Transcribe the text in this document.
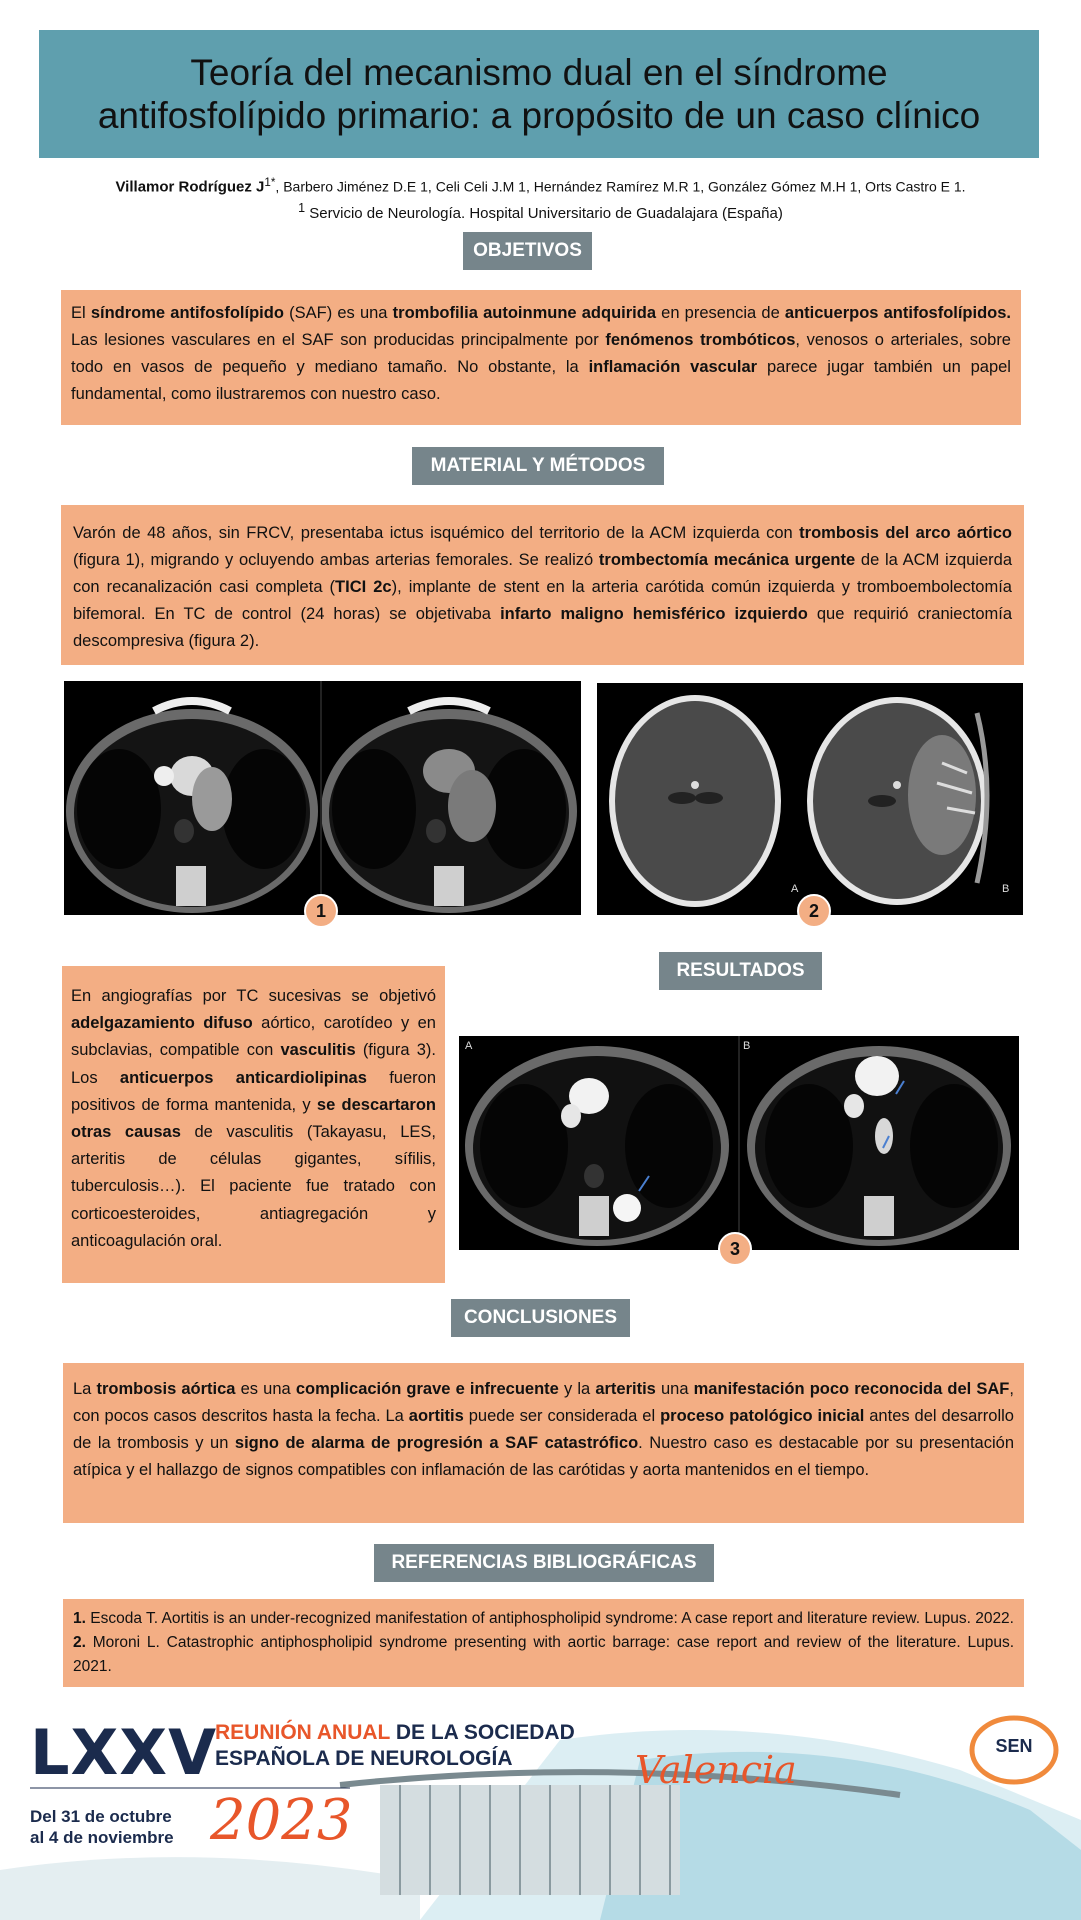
Teoría del mecanismo dual en el síndrome
antifosfolípido primario: a propósito de un caso clínico
Villamor Rodríguez $J^{1*}$, Barbero Jiménez D.E 1, Celi Celi J.M 1, Hernández Ramírez M.R 1, González Gómez M.H 1, Orts Castro E 1.
$^1$ Servicio de Neurología. Hospital Universitario de Guadalajara (España)
OBJETIVOS
El síndrome antifosfolípido (SAF) es una trombofilia autoinmune adquirida en presencia de anticuerpos antifosfolípidos. Las lesiones vasculares en el SAF son producidas principalmente por fenómenos trombóticos, venosos o arteriales, sobre todo en vasos de pequeño y mediano tamaño. No obstante, la inflamación vascular parece jugar también un papel fundamental, como ilustraremos con nuestro caso.
MATERIAL Y MÉTODOS
Varón de 48 años, sin FRCV, presentaba ictus isquémico del territorio de la ACM izquierda con trombosis del arco aórtico (figura 1), migrando y ocluyendo ambas arterias femorales. Se realizó trombectomía mecánica urgente de la ACM izquierda con recanalización casi completa (TICI 2c), implante de stent en la arteria carótida común izquierda y tromboembolectomía bifemoral. En TC de control (24 horas) se objetivaba infarto maligno hemisférico izquierdo que requirió craniectomía descompresiva (figura 2).
1
A	B
2
RESULTADOS
En angiografías por TC sucesivas se objetivó adelgazamiento difuso aórtico, carotídeo y en subclavias, compatible con vasculitis (figura 3). Los anticuerpos anticardiolipinas fueron positivos de forma mantenida, y se descartaron otras causas de vasculitis (Takayasu, LES, arteritis de células gigantes, sífilis, tuberculosis…). El paciente fue tratado con corticoesteroides, antiagregación y anticoagulación oral.
A	B
3
CONCLUSIONES
La trombosis aórtica es una complicación grave e infrecuente y la arteritis una manifestación poco reconocida del SAF, con pocos casos descritos hasta la fecha. La aortitis puede ser considerada el proceso patológico inicial antes del desarrollo de la trombosis y un signo de alarma de progresión a SAF catastrófico. Nuestro caso es destacable por su presentación atípica y el hallazgo de signos compatibles con inflamación de las carótidas y aorta mantenidos en el tiempo.
REFERENCIAS BIBLIOGRÁFICAS
1. Escoda T. Aortitis is an under-recognized manifestation of antiphospholipid syndrome: A case report and literature review. Lupus. 2022. 2. Moroni L. Catastrophic antiphospholipid syndrome presenting with aortic barrage: case report and review of the literature. Lupus. 2021.
LXXV
REUNIÓN ANUAL DE LA SOCIEDAD
ESPAÑOLA DE NEUROLOGÍA
Del 31 de octubre
al 4 de noviembre 2023
Valencia
SEN
